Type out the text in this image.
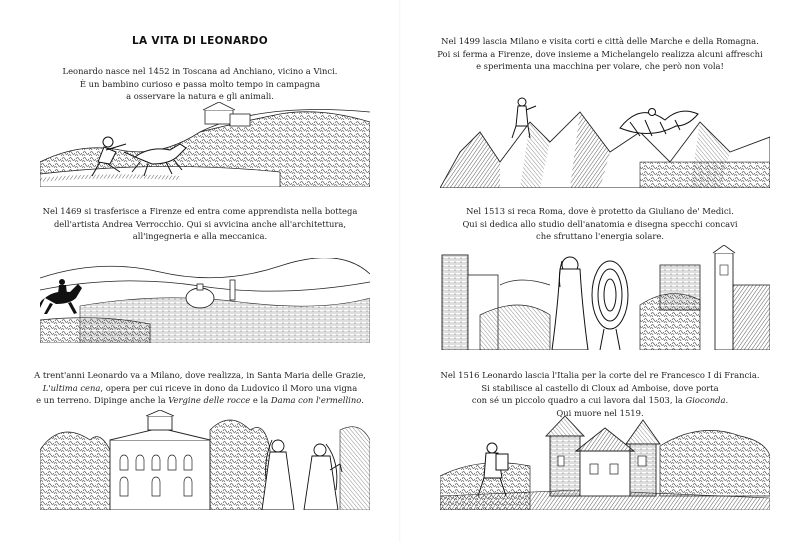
LA VITA DI LEONARDO
Leonardo nasce nel 1452 in Toscana ad Anchiano, vicino a Vinci.
È un bambino curioso e passa molto tempo in campagna
a osservare la natura e gli animali.
Nel 1469 si trasferisce a Firenze ed entra come apprendista nella bottega
dell'artista Andrea Verrocchio. Qui si avvicina anche all'architettura,
all'ingegneria e alla meccanica.
A trent'anni Leonardo va a Milano, dove realizza, in Santa Maria delle Grazie,
L'ultima cena, opera per cui riceve in dono da Ludovico il Moro una vigna
e un terreno. Dipinge anche la Vergine delle rocce e la Dama con l'ermellino.
Nel 1499 lascia Milano e visita corti e città delle Marche e della Romagna.
Poi si ferma a Firenze, dove insieme a Michelangelo realizza alcuni affreschi
e sperimenta una macchina per volare, che però non vola!
Nel 1513 si reca Roma, dove è protetto da Giuliano de' Medici.
Qui si dedica allo studio dell'anatomia e disegna specchi concavi
che sfruttano l'energia solare.
Nel 1516 Leonardo lascia l'Italia per la corte del re Francesco I di Francia.
Si stabilisce al castello di Cloux ad Amboise, dove porta
con sé un piccolo quadro a cui lavora dal 1503, la Gioconda.
Qui muore nel 1519.
